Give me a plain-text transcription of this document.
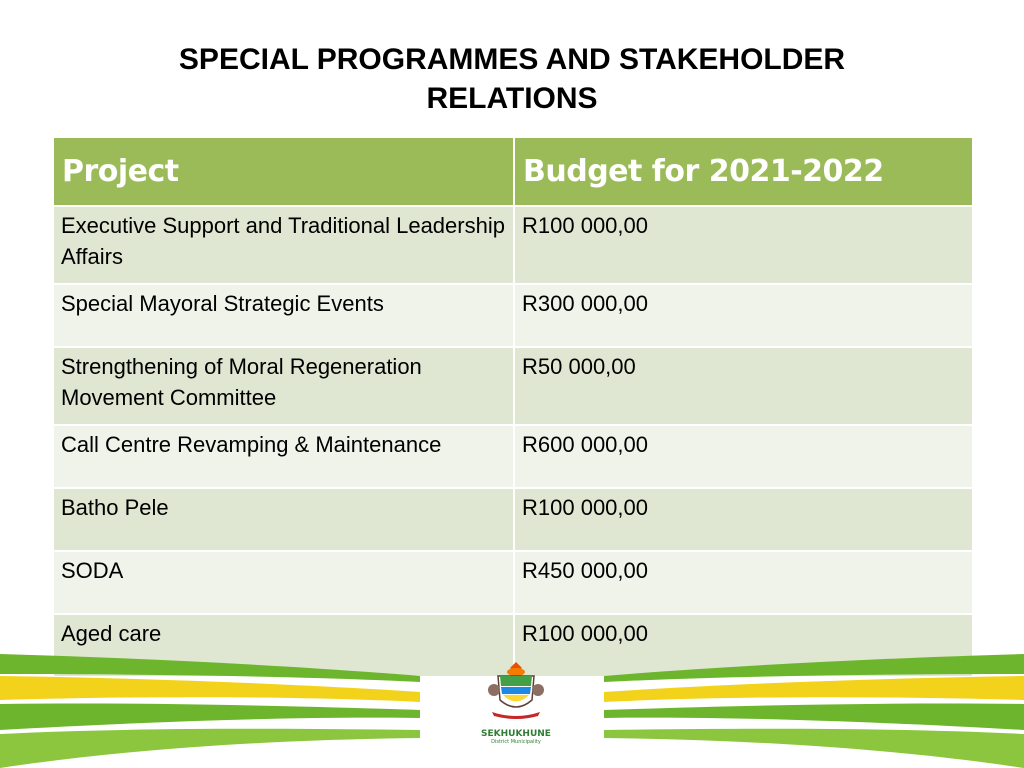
SPECIAL PROGRAMMES AND STAKEHOLDER
RELATIONS
Project	Budget for 2021-2022
Executive Support and Traditional Leadership Affairs	R100 000,00
Special Mayoral Strategic Events	R300 000,00
Strengthening of Moral Regeneration Movement Committee	R50 000,00
Call Centre Revamping & Maintenance	R600 000,00
Batho Pele	R100 000,00
SODA	R450 000,00
Aged care	R100 000,00
SEKHUKHUNE
District Municipality
